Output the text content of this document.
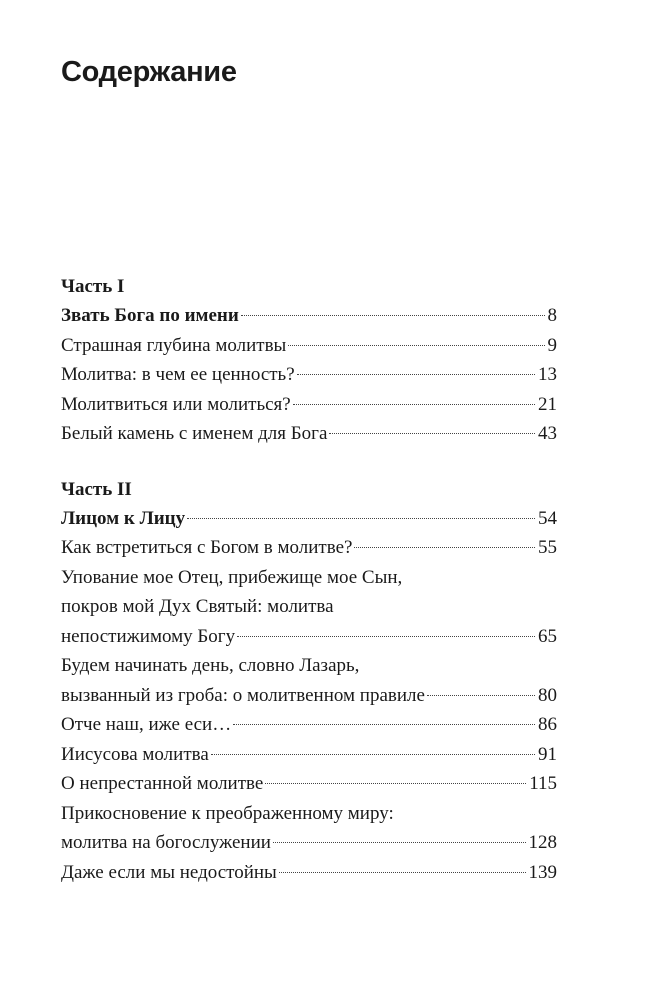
Содержание
Часть I
Звать Бога по имени	8
Страшная глубина молитвы	9
Молитва: в чем ее ценность?	13
Молитвиться или молиться?	21
Белый камень с именем для Бога	43
Часть II
Лицом к Лицу	54
Как встретиться с Богом в молитве?	55
Упование мое Отец, прибежище мое Сын,
покров мой Дух Святый: молитва
непостижимому Богу	65
Будем начинать день, словно Лазарь,
вызванный из гроба: о молитвенном правиле	80
Отче наш, иже еси…	86
Иисусова молитва	91
О непрестанной молитве	115
Прикосновение к преображенному миру:
молитва на богослужении	128
Даже если мы недостойны	139
